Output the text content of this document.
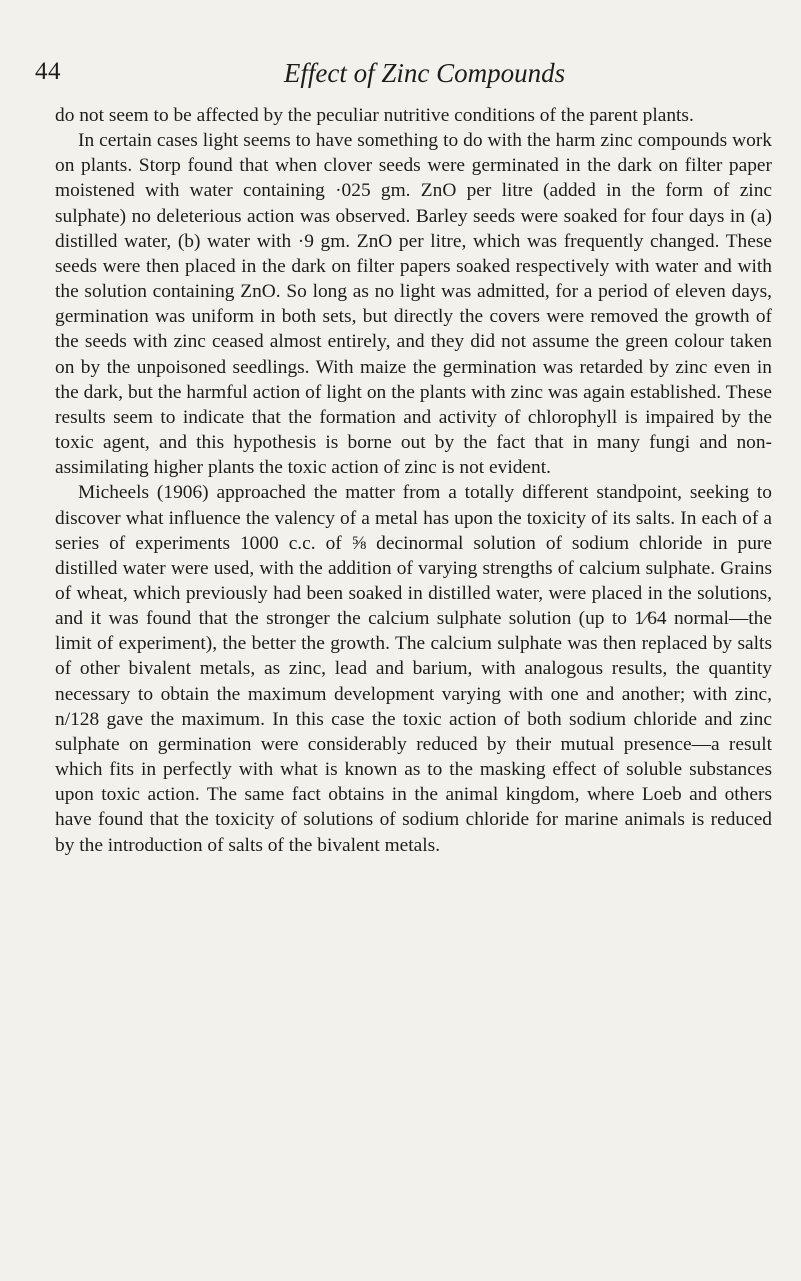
44	Effect of Zinc Compounds

do not seem to be affected by the peculiar nutritive conditions of the parent plants.

In certain cases light seems to have something to do with the harm zinc compounds work on plants. Storp found that when clover seeds were germinated in the dark on filter paper moistened with water containing ·025 gm. ZnO per litre (added in the form of zinc sulphate) no deleterious action was observed. Barley seeds were soaked for four days in (a) distilled water, (b) water with ·9 gm. ZnO per litre, which was frequently changed. These seeds were then placed in the dark on filter papers soaked respectively with water and with the solution containing ZnO. So long as no light was admitted, for a period of eleven days, germination was uniform in both sets, but directly the covers were removed the growth of the seeds with zinc ceased almost entirely, and they did not assume the green colour taken on by the unpoisoned seedlings. With maize the germination was retarded by zinc even in the dark, but the harmful action of light on the plants with zinc was again established. These results seem to indicate that the formation and activity of chlorophyll is impaired by the toxic agent, and this hypothesis is borne out by the fact that in many fungi and non-assimilating higher plants the toxic action of zinc is not evident.

Micheels (1906) approached the matter from a totally different standpoint, seeking to discover what influence the valency of a metal has upon the toxicity of its salts. In each of a series of experiments 1000 c.c. of ⅝ decinormal solution of sodium chloride in pure distilled water were used, with the addition of varying strengths of calcium sulphate. Grains of wheat, which previously had been soaked in distilled water, were placed in the solutions, and it was found that the stronger the calcium sulphate solution (up to 1⁄64 normal—the limit of experiment), the better the growth. The calcium sulphate was then replaced by salts of other bivalent metals, as zinc, lead and barium, with analogous results, the quantity necessary to obtain the maximum development varying with one and another; with zinc, n/128 gave the maximum. In this case the toxic action of both sodium chloride and zinc sulphate on germination were considerably reduced by their mutual presence—a result which fits in perfectly with what is known as to the masking effect of soluble substances upon toxic action. The same fact obtains in the animal kingdom, where Loeb and others have found that the toxicity of solutions of sodium chloride for marine animals is reduced by the introduction of salts of the bivalent metals.
